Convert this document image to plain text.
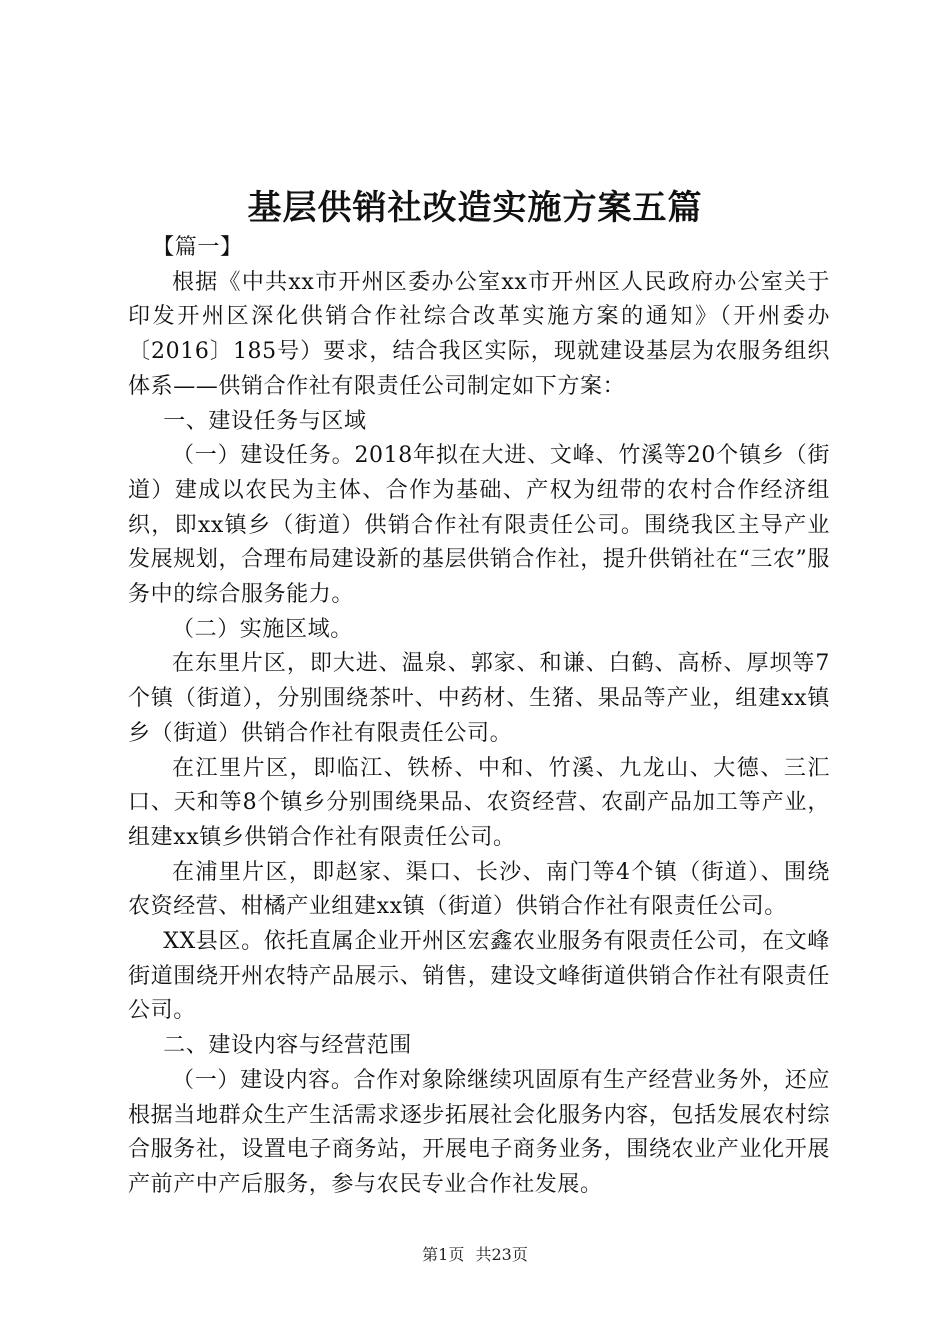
基层供销社改造实施方案五篇

【篇一】

根据《中共xx市开州区委办公室xx市开州区人民政府办公室关于印发开州区深化供销合作社综合改革实施方案的通知》（开州委办〔2016〕185号）要求，结合我区实际，现就建设基层为农服务组织体系——供销合作社有限责任公司制定如下方案：

一、建设任务与区域

（一）建设任务。2018年拟在大进、文峰、竹溪等20个镇乡（街道）建成以农民为主体、合作为基础、产权为纽带的农村合作经济组织，即xx镇乡（街道）供销合作社有限责任公司。围绕我区主导产业发展规划，合理布局建设新的基层供销合作社，提升供销社在“三农”服务中的综合服务能力。

（二）实施区域。

在东里片区，即大进、温泉、郭家、和谦、白鹤、高桥、厚坝等7个镇（街道），分别围绕茶叶、中药材、生猪、果品等产业，组建xx镇乡（街道）供销合作社有限责任公司。

在江里片区，即临江、铁桥、中和、竹溪、九龙山、大德、三汇口、天和等8个镇乡分别围绕果品、农资经营、农副产品加工等产业，组建xx镇乡供销合作社有限责任公司。

在浦里片区，即赵家、渠口、长沙、南门等4个镇（街道）、围绕农资经营、柑橘产业组建xx镇（街道）供销合作社有限责任公司。

XX县区。依托直属企业开州区宏鑫农业服务有限责任公司，在文峰街道围绕开州农特产品展示、销售，建设文峰街道供销合作社有限责任公司。

二、建设内容与经营范围

（一）建设内容。合作对象除继续巩固原有生产经营业务外，还应根据当地群众生产生活需求逐步拓展社会化服务内容，包括发展农村综合服务社，设置电子商务站，开展电子商务业务，围绕农业产业化开展产前产中产后服务，参与农民专业合作社发展。

第1页 共23页
